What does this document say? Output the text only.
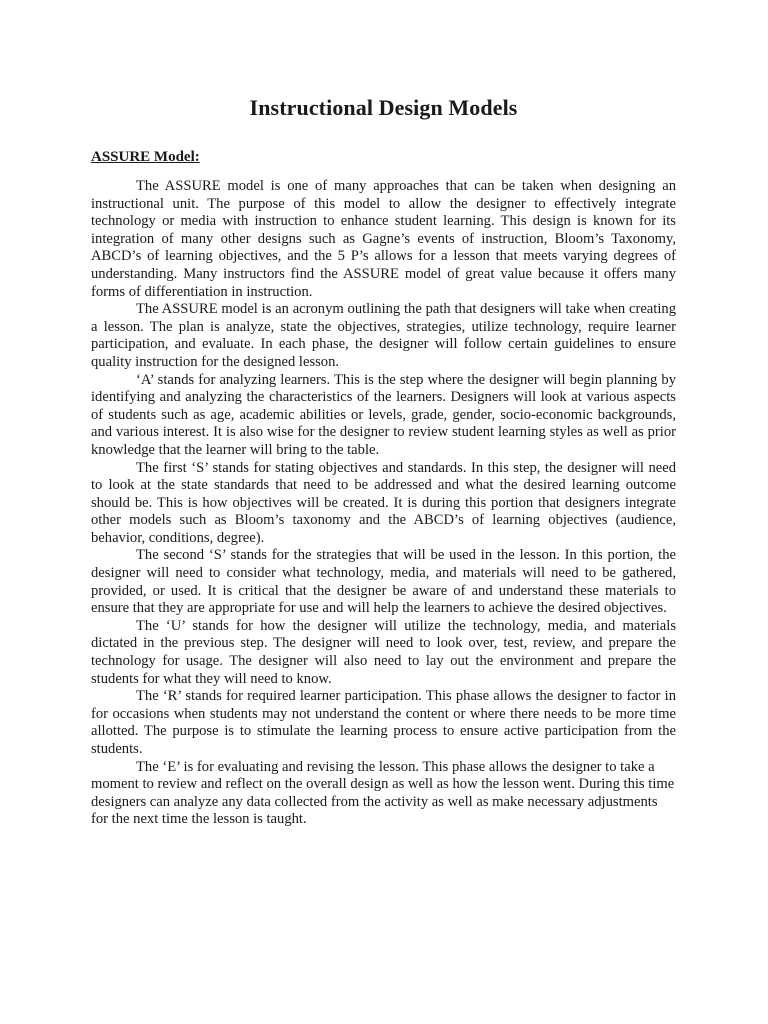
Instructional Design Models
ASSURE Model:

The ASSURE model is one of many approaches that can be taken when designing an instructional unit. The purpose of this model to allow the designer to effectively integrate technology or media with instruction to enhance student learning. This design is known for its integration of many other designs such as Gagne’s events of instruction, Bloom’s Taxonomy, ABCD’s of learning objectives, and the 5 P’s allows for a lesson that meets varying degrees of understanding. Many instructors find the ASSURE model of great value because it offers many forms of differentiation in instruction.

The ASSURE model is an acronym outlining the path that designers will take when creating a lesson. The plan is analyze, state the objectives, strategies, utilize technology, require learner participation, and evaluate. In each phase, the designer will follow certain guidelines to ensure quality instruction for the designed lesson.

‘A’ stands for analyzing learners. This is the step where the designer will begin planning by identifying and analyzing the characteristics of the learners. Designers will look at various aspects of students such as age, academic abilities or levels, grade, gender, socio-economic backgrounds, and various interest. It is also wise for the designer to review student learning styles as well as prior knowledge that the learner will bring to the table.

The first ‘S’ stands for stating objectives and standards. In this step, the designer will need to look at the state standards that need to be addressed and what the desired learning outcome should be. This is how objectives will be created. It is during this portion that designers integrate other models such as Bloom’s taxonomy and the ABCD’s of learning objectives (audience, behavior, conditions, degree).

The second ‘S’ stands for the strategies that will be used in the lesson. In this portion, the designer will need to consider what technology, media, and materials will need to be gathered, provided, or used. It is critical that the designer be aware of and understand these materials to ensure that they are appropriate for use and will help the learners to achieve the desired objectives.

The ‘U’ stands for how the designer will utilize the technology, media, and materials dictated in the previous step. The designer will need to look over, test, review, and prepare the technology for usage. The designer will also need to lay out the environment and prepare the students for what they will need to know.

The ‘R’ stands for required learner participation. This phase allows the designer to factor in for occasions when students may not understand the content or where there needs to be more time allotted. The purpose is to stimulate the learning process to ensure active participation from the students.

The ‘E’ is for evaluating and revising the lesson. This phase allows the designer to take a moment to review and reflect on the overall design as well as how the lesson went. During this time designers can analyze any data collected from the activity as well as make necessary adjustments for the next time the lesson is taught.
